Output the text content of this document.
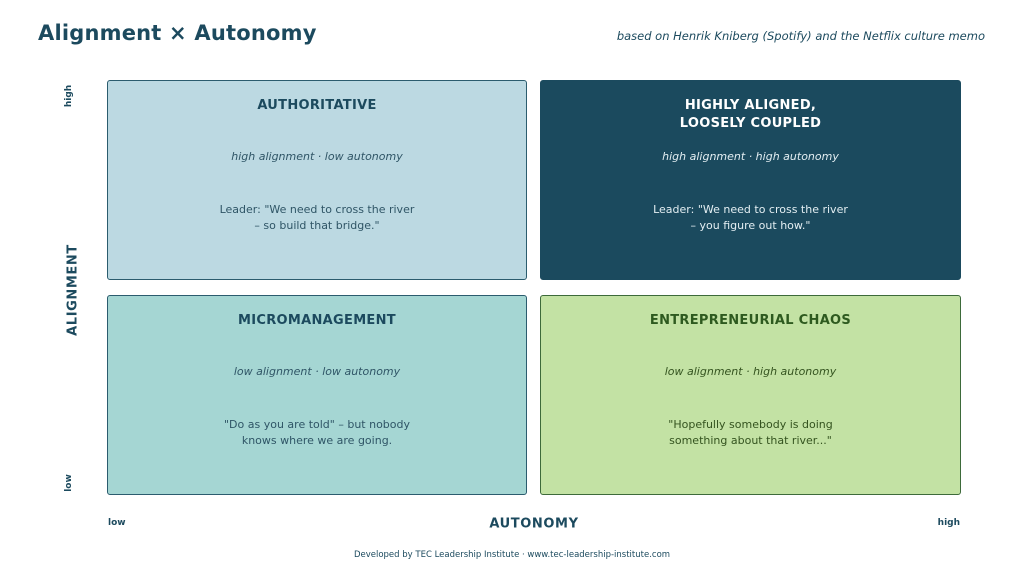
Alignment × Autonomy	based on Henrik Kniberg (Spotify) and the Netflix culture memo
high
ALIGNMENT
low
AUTHORITATIVE
high alignment · low autonomy
Leader: "We need to cross the river
– so build that bridge."
HIGHLY ALIGNED,
LOOSELY COUPLED
high alignment · high autonomy
Leader: "We need to cross the river
– you figure out how."
MICROMANAGEMENT
low alignment · low autonomy
"Do as you are told" – but nobody
knows where we are going.
ENTREPRENEURIAL CHAOS
low alignment · high autonomy
"Hopefully somebody is doing
something about that river..."
low	AUTONOMY	high
Developed by TEC Leadership Institute · www.tec-leadership-institute.com
